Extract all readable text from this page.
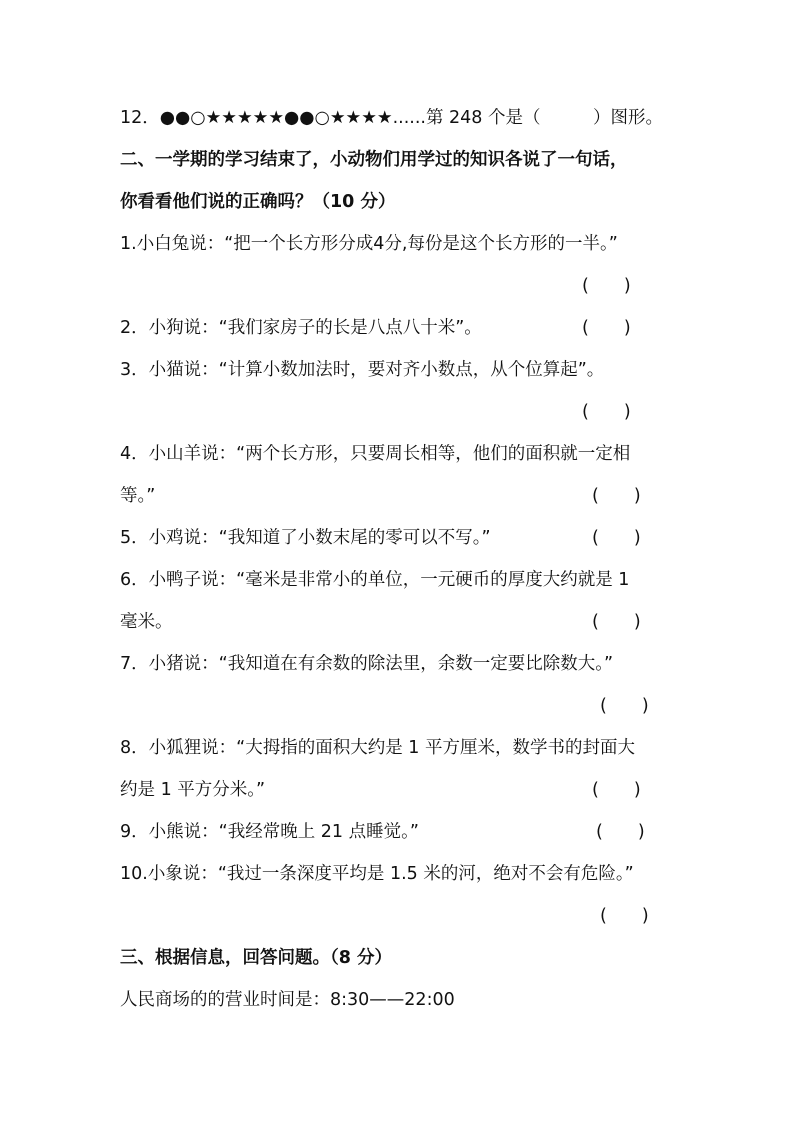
12．●●○★★★★★●●○★★★★......第 248 个是（　　　）图形。
二、一学期的学习结束了，小动物们用学过的知识各说了一句话，
你看看他们说的正确吗？（10 分）
1.小白兔说：“把一个长方形分成4分,每份是这个长方形的一半。”
(　　)
2．小狗说：“我们家房子的长是八点八十米”。	(　　)
3．小猫说：“计算小数加法时，要对齐小数点，从个位算起”。
(　　)
4．小山羊说：“两个长方形，只要周长相等，他们的面积就一定相
等。”	(　　)
5．小鸡说：“我知道了小数末尾的零可以不写。”	(　　)
6．小鸭子说：“毫米是非常小的单位，一元硬币的厚度大约就是 1
毫米。	(　　)
7．小猪说：“我知道在有余数的除法里，余数一定要比除数大。”
(　　)
8．小狐狸说：“大拇指的面积大约是 1 平方厘米，数学书的封面大
约是 1 平方分米。”	(　　)
9．小熊说：“我经常晚上 21 点睡觉。”	(　　)
10.小象说：“我过一条深度平均是 1.5 米的河，绝对不会有危险。”
(　　)
三、根据信息，回答问题。（8 分）
人民商场的的营业时间是：8:30——22:00
